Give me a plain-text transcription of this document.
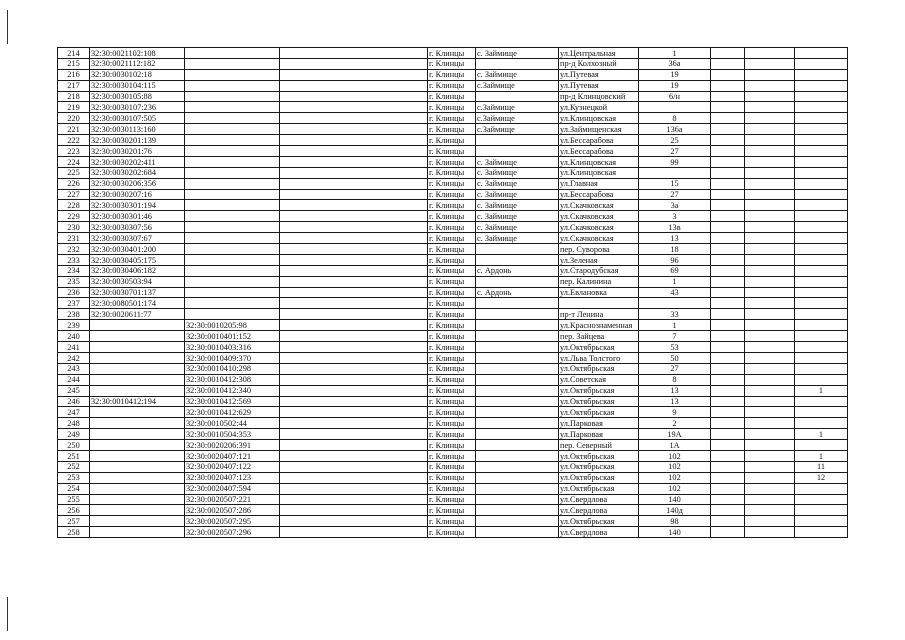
214	32:30:0021102:108			г. Клинцы	с. Займище	ул.Центральная	1			
215	32:30:0021112:182			г. Клинцы		пр-д Колхозный	36а			
216	32:30:0030102:18			г. Клинцы	с. Займище	ул.Путевая	19			
217	32:30:0030104:115			г. Клинцы	с.Займище	ул.Путевая	19			
218	32:30:0030105:88			г. Клинцы		пр-д Клинцовский	6/н			
219	32:30:0030107:236			г. Клинцы	с.Займище	ул.Кузнецкой				
220	32:30:0030107:505			г. Клинцы	с.Займище	ул.Клинцовская	8			
221	32:30:0030113:160			г. Клинцы	с.Займище	ул.Займищенская	136а			
222	32:30:0030201:139			г. Клинцы		ул.Бессарабова	25			
223	32:30:0030201:76			г. Клинцы		ул.Бессарабова	27			
224	32:30:0030202:411			г. Клинцы	с. Займище	ул.Клинцовская	99			
225	32:30:0030202:684			г. Клинцы	с. Займище	ул.Клинцовская				
226	32:30:0030206:356			г. Клинцы	с. Займище	ул.Главная	15			
227	32:30:0030207:16			г. Клинцы	с. Займище	ул.Бессарабова	27			
228	32:30:0030301:194			г. Клинцы	с. Займище	ул.Скачковская	3а			
229	32:30:0030301:46			г. Клинцы	с. Займище	ул.Скачковская	3			
230	32:30:0030307:56			г. Клинцы	с. Займище	ул.Скачковская	13в			
231	32:30:0030307:67			г. Клинцы	с. Займище	ул.Скачковская	13			
232	32:30:0030401:200			г. Клинцы		пер. Суворова	18			
233	32:30:0030405:175			г. Клинцы		ул.Зеленая	96			
234	32:30:0030406:182			г. Клинцы	с. Ардонь	ул.Стародубская	69			
235	32:30:0030503:94			г. Клинцы		пер. Калинина	1			
236	32:30:0030701:137			г. Клинцы	с. Ардонь	ул.Евлановка	43			
237	32:30:0080501:174			г. Клинцы						
238	32:30:0020611:77			г. Клинцы		пр-т Ленина	33			
239		32:30:0010205:98		г. Клинцы		ул.Краснознаменная	1			
240		32:30:0010401:152		г. Клинцы		пер. Зайцева	7			
241		32:30:0010403:316		г. Клинцы		ул.Октябрьская	53			
242		32:30:0010409:370		г. Клинцы		ул.Льва Толстого	50			
243		32:30:0010410:298		г. Клинцы		ул.Октябрьская	27			
244		32:30:0010412:308		г. Клинцы		ул.Советская	8			
245		32:30:0010412:340		г. Клинцы		ул.Октябрьская	13			1
246	32:30:0010412:194	32:30:0010412:569		г. Клинцы		ул.Октябрьская	13			
247		32:30:0010412:629		г. Клинцы		ул.Октябрьская	9			
248		32:30:0010502:44		г. Клинцы		ул.Парковая	2			
249		32:30:0010504:353		г. Клинцы		ул.Парковая	19А			1
250		32:30:0020206:391		г. Клинцы		пер. Северный	1А			
251		32:30:0020407:121		г. Клинцы		ул.Октябрьская	102			1
252		32:30:0020407:122		г. Клинцы		ул.Октябрьская	102			11
253		32:30:0020407:123		г. Клинцы		ул.Октябрьская	102			12
254		32:30:0020407:594		г. Клинцы		ул.Октябрьская	102			
255		32:30:0020507:221		г. Клинцы		ул.Свердлова	140			
256		32:30:0020507:286		г. Клинцы		ул.Свердлова	140д			
257		32:30:0020507:295		г. Клинцы		ул.Октябрьская	98			
258		32:30:0020507:296		г. Клинцы		ул.Свердлова	140			
